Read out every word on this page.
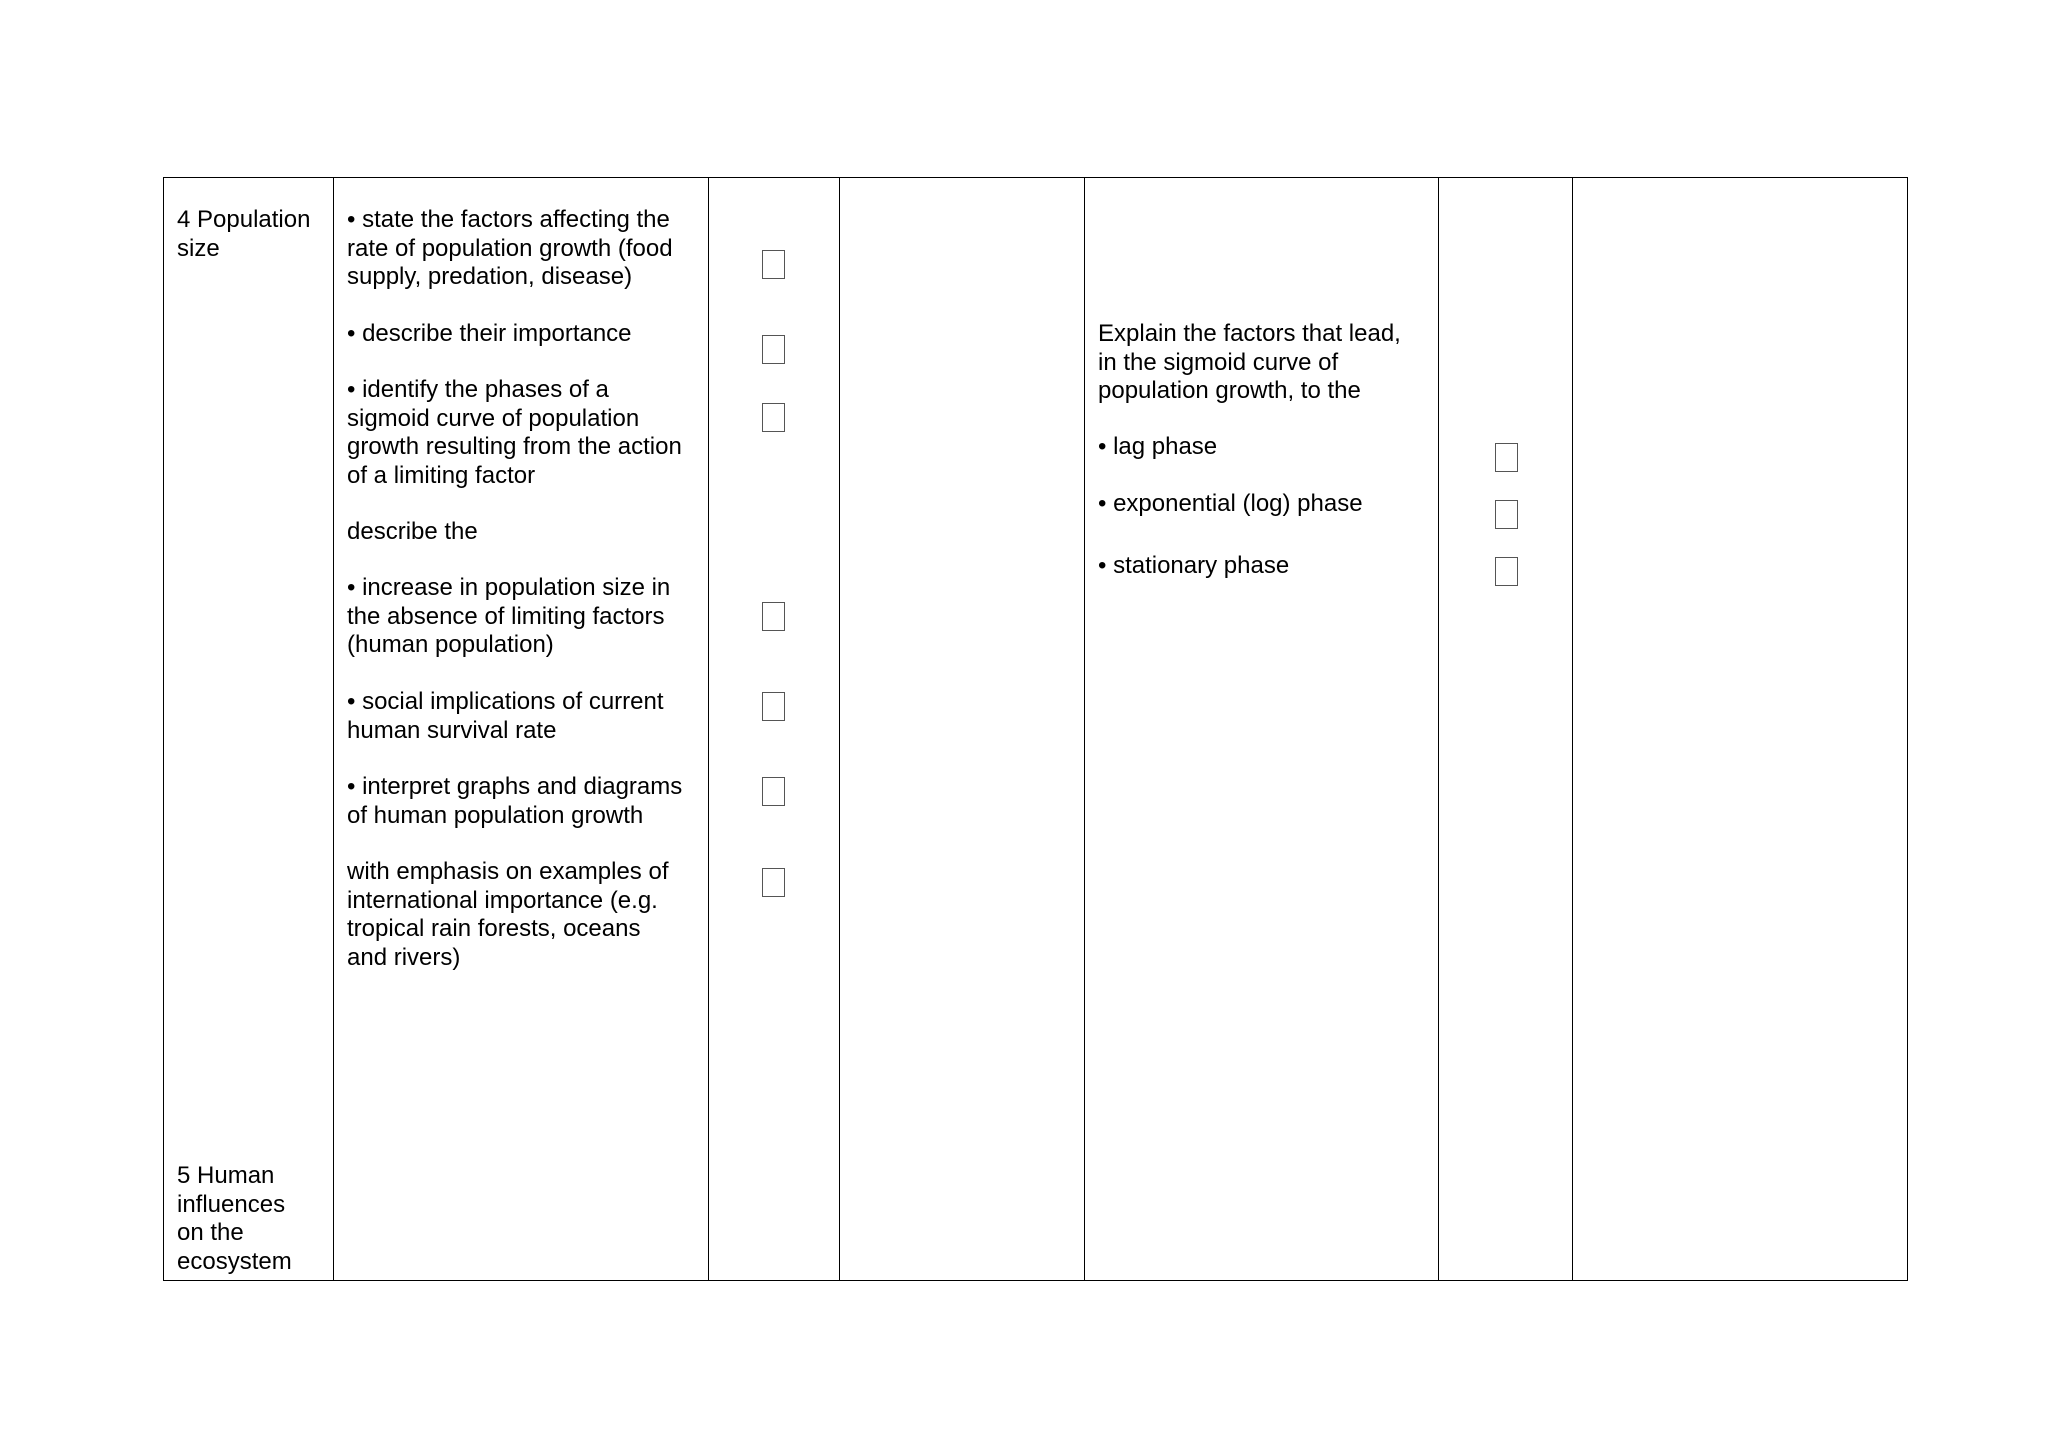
4 Population
size
5 Human
influences
on the
ecosystem
• state the factors affecting the
rate of population growth (food
supply, predation, disease)
• describe their importance
• identify the phases of a
sigmoid curve of population
growth resulting from the action
of a limiting factor
describe the
• increase in population size in
the absence of limiting factors
(human population)
• social implications of current
human survival rate
• interpret graphs and diagrams
of human population growth
with emphasis on examples of
international importance (e.g.
tropical rain forests, oceans
and rivers)
Explain the factors that lead,
in the sigmoid curve of
population growth, to the
• lag phase
• exponential (log) phase
• stationary phase
